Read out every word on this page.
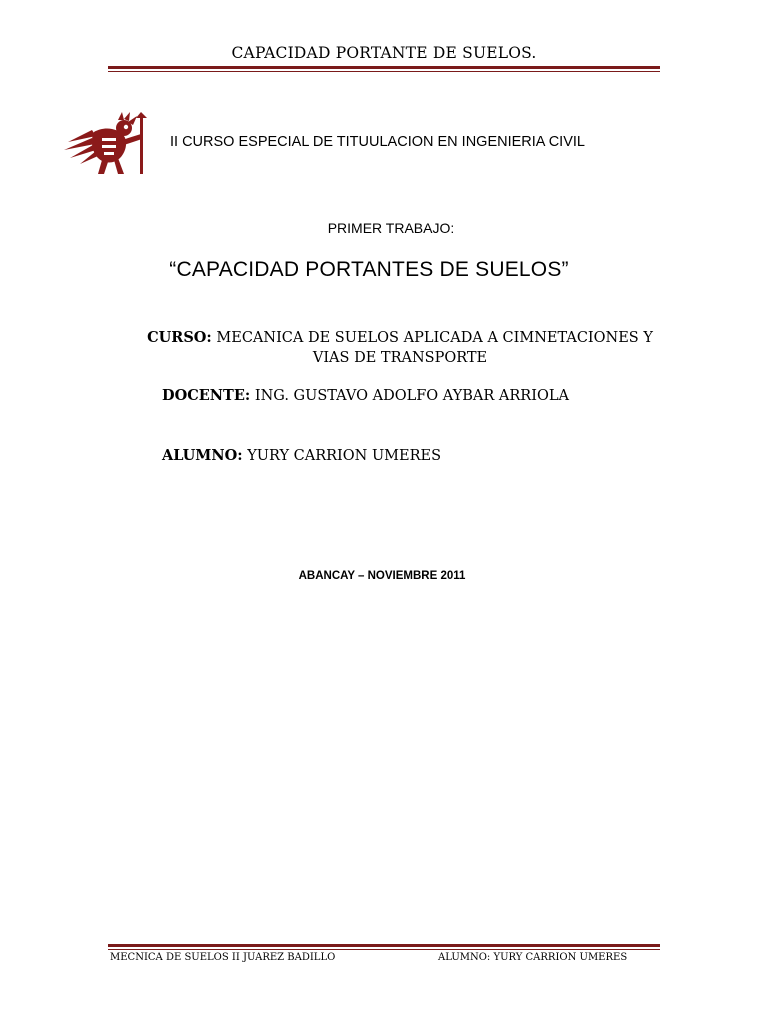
CAPACIDAD PORTANTE DE SUELOS.
II CURSO ESPECIAL DE TITUULACION EN INGENIERIA CIVIL
PRIMER TRABAJO:
“CAPACIDAD PORTANTES DE SUELOS”
CURSO: MECANICA DE SUELOS APLICADA A CIMNETACIONES Y
VIAS DE TRANSPORTE
DOCENTE: ING. GUSTAVO ADOLFO AYBAR ARRIOLA
ALUMNO: YURY CARRION UMERES
ABANCAY – NOVIEMBRE 2011
MECNICA DE SUELOS II JUAREZ BADILLO	ALUMNO: YURY CARRION UMERES
